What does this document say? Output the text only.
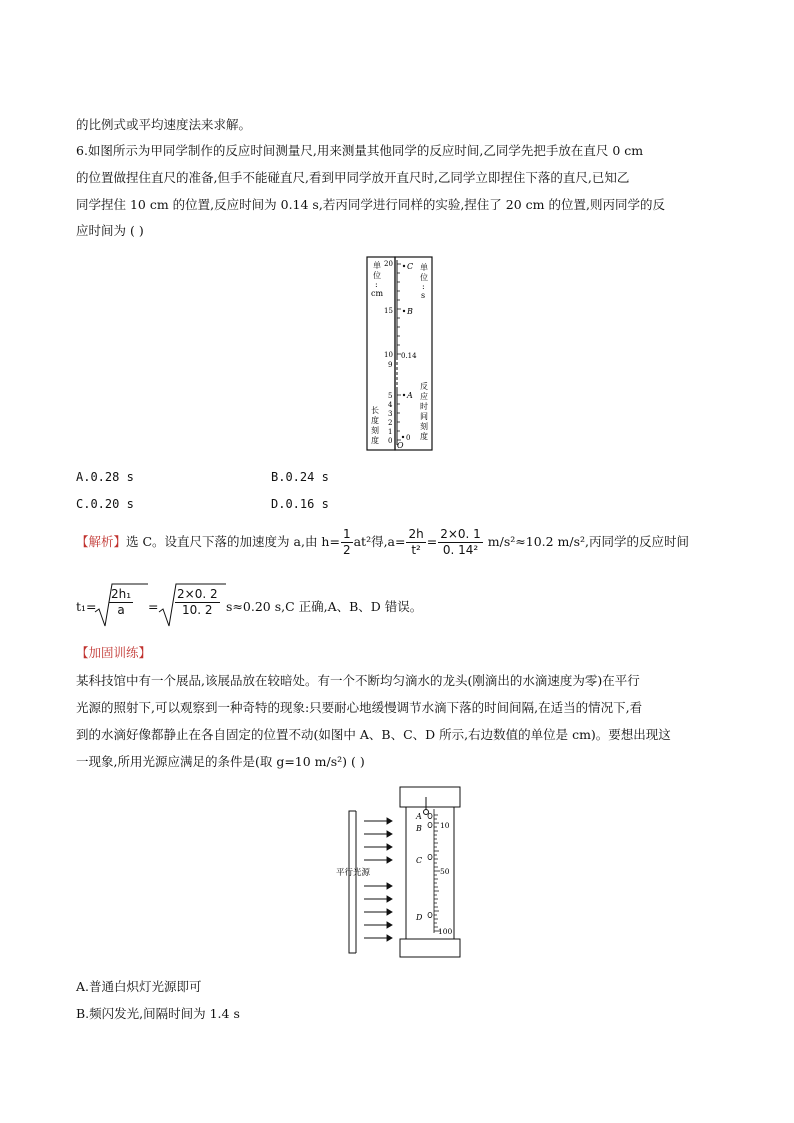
的比例式或平均速度法来求解。
6.如图所示为甲同学制作的反应时间测量尺,用来测量其他同学的反应时间,乙同学先把手放在直尺 0 cm
的位置做捏住直尺的准备,但手不能碰直尺,看到甲同学放开直尺时,乙同学立即捏住下落的直尺,已知乙
同学捏住 10 cm 的位置,反应时间为 0.14 s,若丙同学进行同样的实验,捏住了 20 cm 的位置,则丙同学的反
应时间为 ( )
单
位
:
cm
单
位
:
s
长
度
刻
度
反
应
时
间
刻
度
20
15
10
9
5
4
3
2
1
0
C
B
0.14
A
0
O
A.0.28 s	B.0.24 s
C.0.20 s	D.0.16 s
【解析】选 C。设直尺下落的加速度为 a,由 $h= \frac{1}{2} at^2$得$,a= \frac{2h}{\text{t²}} = \frac{2\times 0. 1}{\text{0. 14²}} m/s^2\approx 10.2$ m/s²,丙同学的反应时间
$t_1= \frac{\text{2h₁}}{a} = \frac{2\times 0. 2}{10. 2} s\approx 0.20$ s,C 正确,A、B、D 错误。
【加固训练】
某科技馆中有一个展品,该展品放在较暗处。有一个不断均匀滴水的龙头(刚滴出的水滴速度为零)在平行
光源的照射下,可以观察到一种奇特的现象:只要耐心地缓慢调节水滴下落的时间间隔,在适当的情况下,看
到的水滴好像都静止在各自固定的位置不动(如图中 A、B、C、D 所示,右边数值的单位是 cm)。要想出现这
一现象,所用光源应满足的条件是(取 g=10 m/s²) ( )
平行光源
10
50
100
A
B
C
D
A.普通白炽灯光源即可
B.频闪发光,间隔时间为 1.4 s
